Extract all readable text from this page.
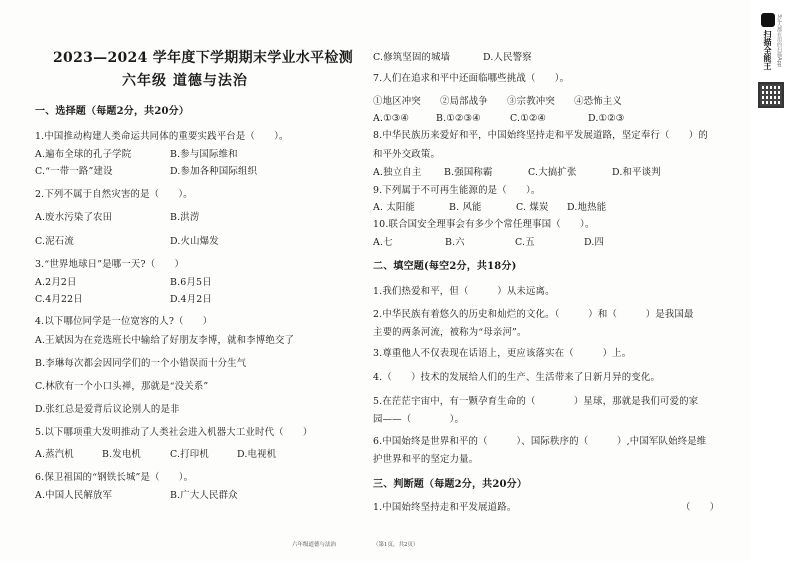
2023—2024 学年度下学期期末学业水平检测
六年级 道德与法治
一、选择题（每题2分，共20分）
1.中国推动构建人类命运共同体的重要实践平台是（　　）。
A.遍布全球的孔子学院	B.参与国际维和
C.“一带一路”建设	D.参加各种国际组织
2.下列不属于自然灾害的是（　　）。
A.废水污染了农田	B.洪涝
C.泥石流	D.火山爆发
3.“世界地球日”是哪一天?（　　）
A.2月2日	B.6月5日
C.4月22日	D.4月2日
4.以下哪位同学是一位宽容的人?（　　）
A.王斌因为在竞选班长中输给了好朋友李博，就和李博绝交了
B.李琳每次都会因同学们的一个小错误而十分生气
C.林欣有一个小口头禅，那就是“没关系”
D.张红总是爱背后议论别人的是非
5.以下哪项重大发明推动了人类社会进入机器大工业时代（　　）
A.蒸汽机	B.发电机	C.打印机	D.电视机
6.保卫祖国的“钢铁长城”是（　　）。
A.中国人民解放军	B.广大人民群众
C.修筑坚固的城墙	D.人民警察
7.人们在追求和平中还面临哪些挑战（　　）。
①地区冲突　　②局部战争　　③宗教冲突　　④恐怖主义
A.①③④	B.①②③④	C.①②④	D.①②③
8.中华民族历来爱好和平，中国始终坚持走和平发展道路，坚定奉行（　　）的
和平外交政策。
A.独立自主 B.强国称霸	C.大搞扩张	D.和平谈判
9.下列属于不可再生能源的是（　　）。
A. 太阳能	B. 风能	C. 煤炭 D.地热能
10.联合国安全理事会有多少个常任理事国（　　）。
A.七	B.六	C.五	D.四
二、填空题(每空2分，共18分)
1.我们热爱和平，但（　　　）从未远离。
2.中华民族有着悠久的历史和灿烂的文化。（　　　）和（　　　）是我国最
主要的两条河流，被称为“母亲河”。
3.尊重他人不仅表现在话语上，更应该落实在（　　　）上。
4.（　　）技术的发展给人们的生产、生活带来了日新月异的变化。
5.在茫茫宇宙中，有一颗孕育生命的（　　　　）星球，那就是我们可爱的家
园——（　　　　）。
6.中国始终是世界和平的（　　　）、国际秩序的（　　　）,中国军队始终是维
护世界和平的坚定力量。
三、判断题（每题2分，共20分）
1.中国始终坚持走和平发展道路。	（　　）
六年级道德与法治	（第1页，共2页）
扫描全能王 3亿人都在用的扫描App
